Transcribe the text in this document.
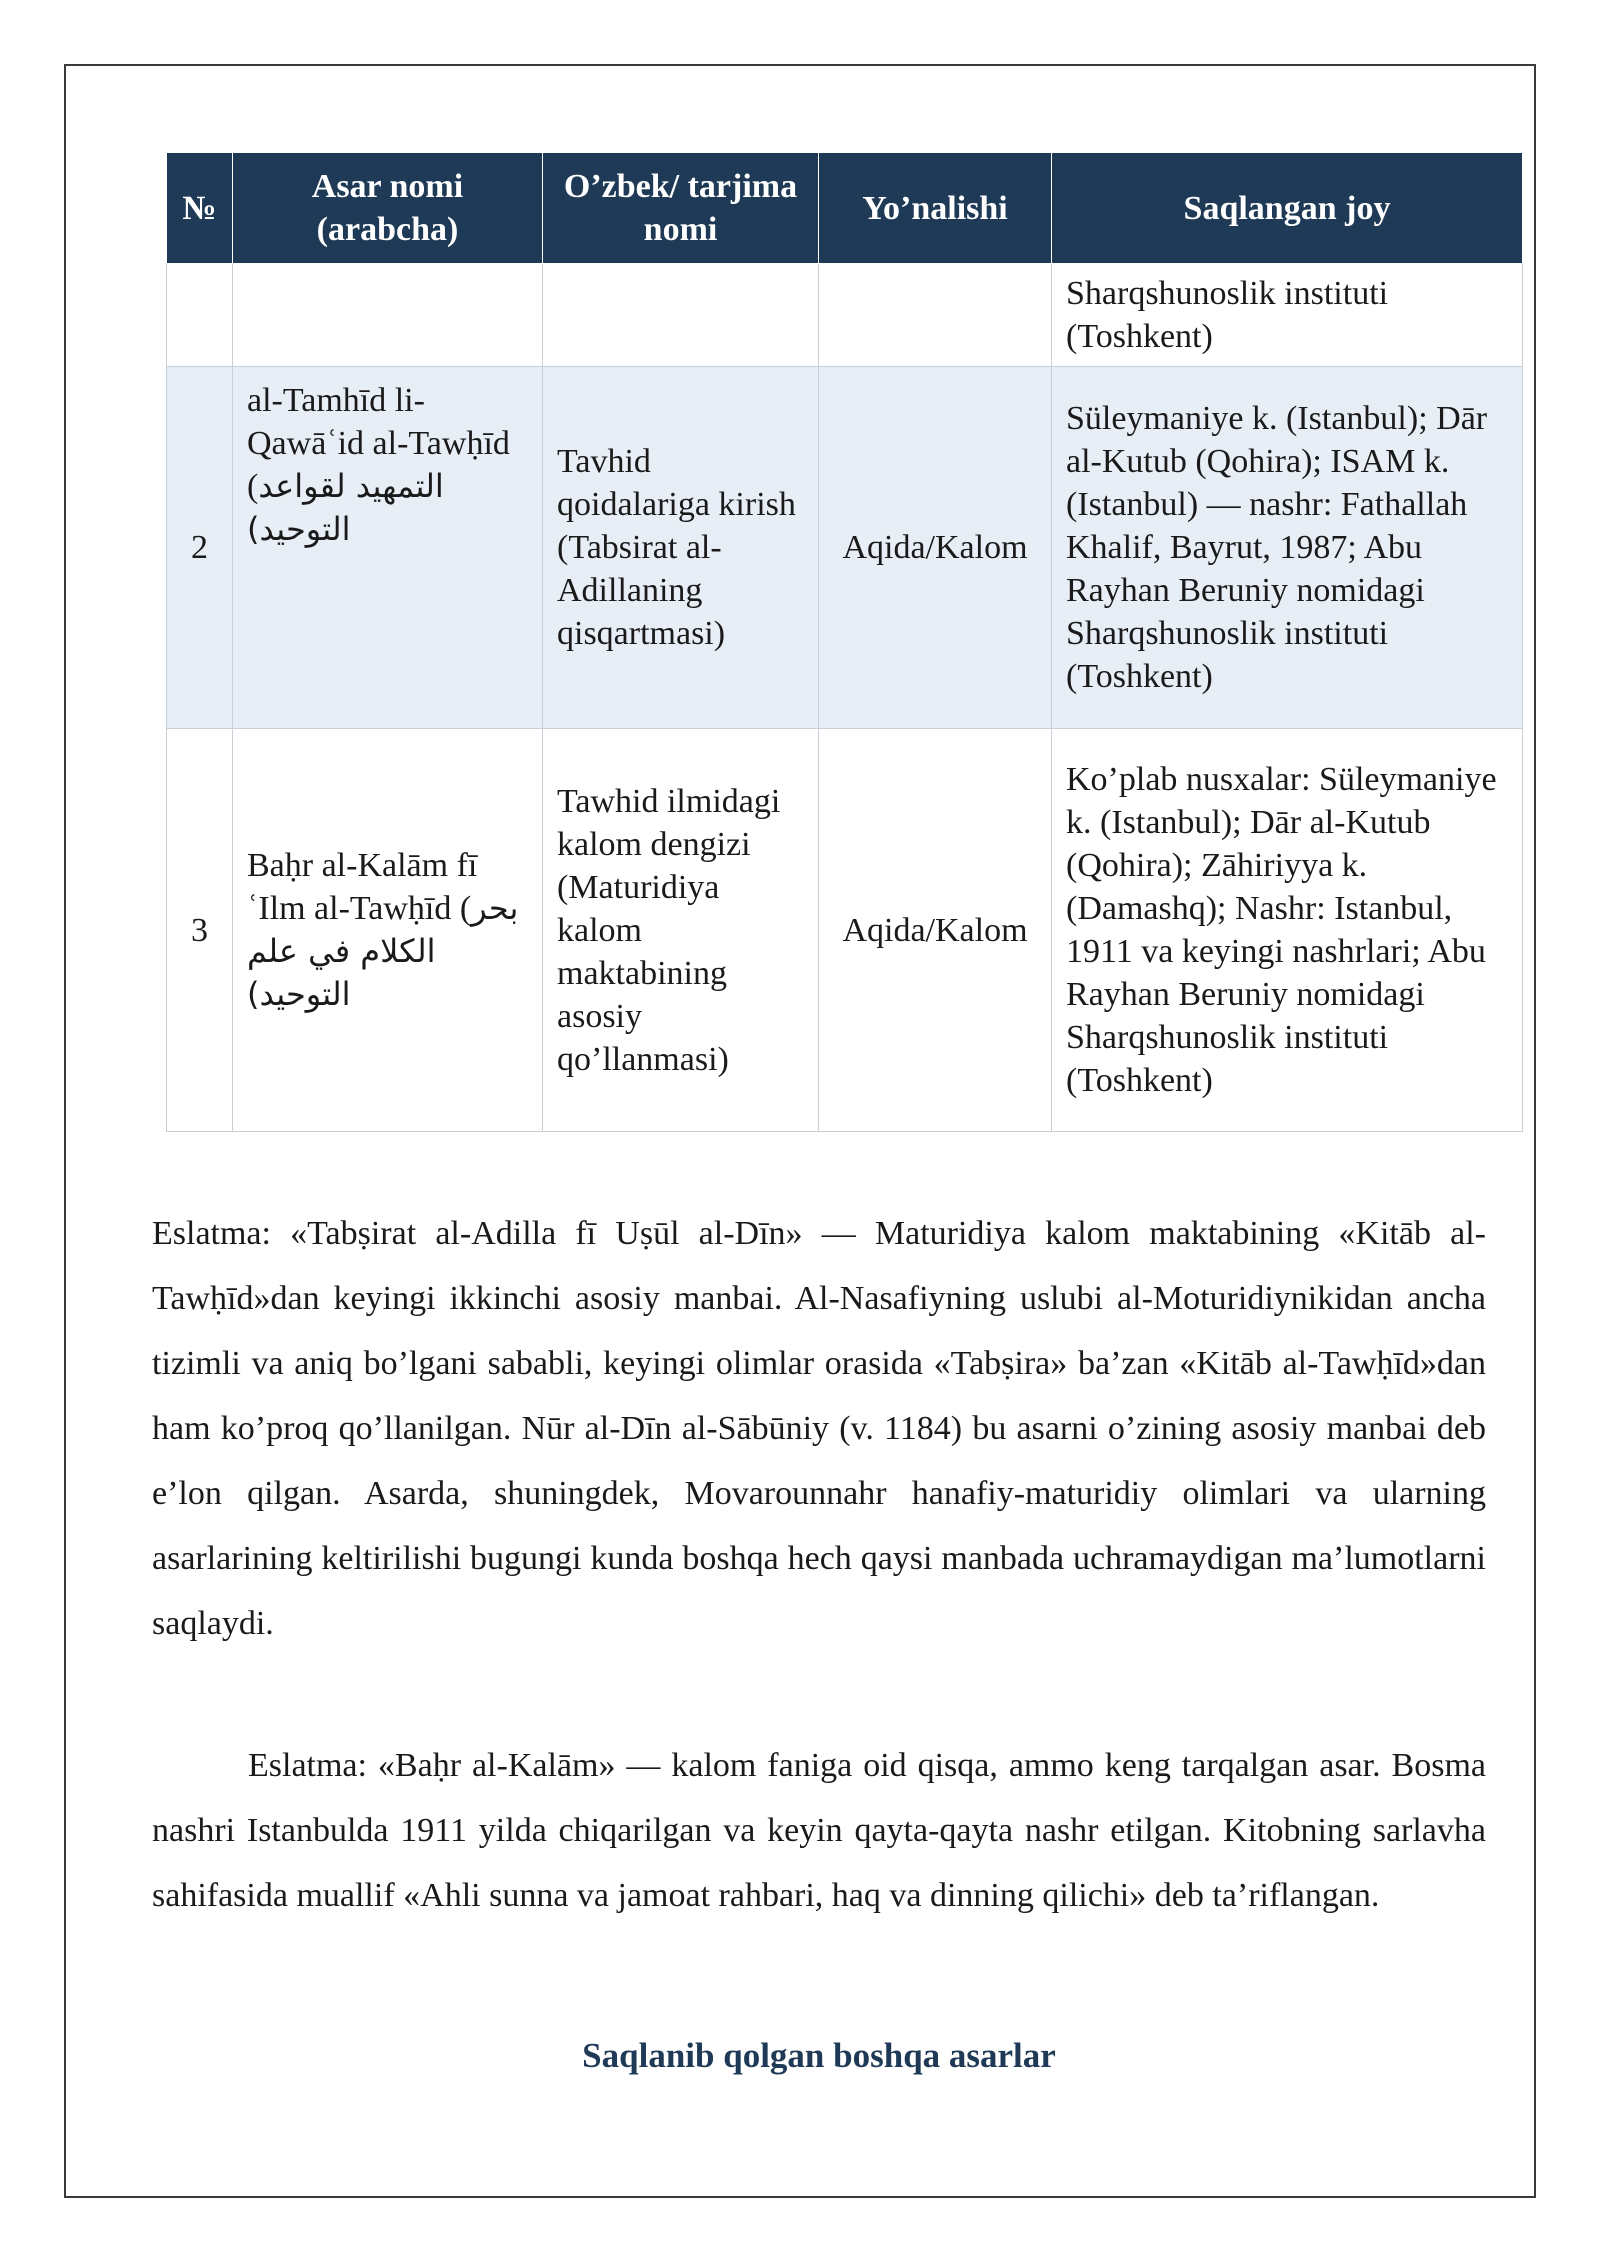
№	Asar nomi (arabcha)	O’zbek/ tarjima nomi	Yo’nalishi	Saqlangan joy
				Sharqshunoslik instituti (Toshkent)
2	al-Tamhīd li-Qawāʿid al-Tawḥīd (التمهيد لقواعد التوحيد)	Tavhid qoidalariga kirish (Tabsirat al-Adillaning qisqartmasi)	Aqida/Kalom	Süleymaniye k. (Istanbul); Dār al-Kutub (Qohira); ISAM k. (Istanbul) — nashr: Fathallah Khalif, Bayrut, 1987; Abu Rayhan Beruniy nomidagi Sharqshunoslik instituti (Toshkent)
3	Baḥr al-Kalām fī ʿIlm al-Tawḥīd (بحر الكلام في علم التوحيد)	Tawhid ilmidagi kalom dengizi (Maturidiya kalom maktabining asosiy qo’llanmasi)	Aqida/Kalom	Ko’plab nusxalar: Süleymaniye k. (Istanbul); Dār al-Kutub (Qohira); Zāhiriyya k. (Damashq); Nashr: Istanbul, 1911 va keyingi nashrlari; Abu Rayhan Beruniy nomidagi Sharqshunoslik instituti (Toshkent)

Eslatma: «Tabṣirat al-Adilla fī Uṣūl al-Dīn» — Maturidiya kalom maktabining «Kitāb al-Tawḥīd»dan keyingi ikkinchi asosiy manbai. Al-Nasafiyning uslubi al-Moturidiynikidan ancha tizimli va aniq bo’lgani sababli, keyingi olimlar orasida «Tabṣira» ba’zan «Kitāb al-Tawḥīd»dan ham ko’proq qo’llanilgan. Nūr al-Dīn al-Sābūniy (v. 1184) bu asarni o’zining asosiy manbai deb e’lon qilgan. Asarda, shuningdek, Movarounnahr hanafiy-maturidiy olimlari va ularning asarlarining keltirilishi bugungi kunda boshqa hech qaysi manbada uchramaydigan ma’lumotlarni saqlaydi.

Eslatma: «Baḥr al-Kalām» — kalom faniga oid qisqa, ammo keng tarqalgan asar. Bosma nashri Istanbulda 1911 yilda chiqarilgan va keyin qayta-qayta nashr etilgan. Kitobning sarlavha sahifasida muallif «Ahli sunna va jamoat rahbari, haq va dinning qilichi» deb ta’riflangan.

Saqlanib qolgan boshqa asarlar
